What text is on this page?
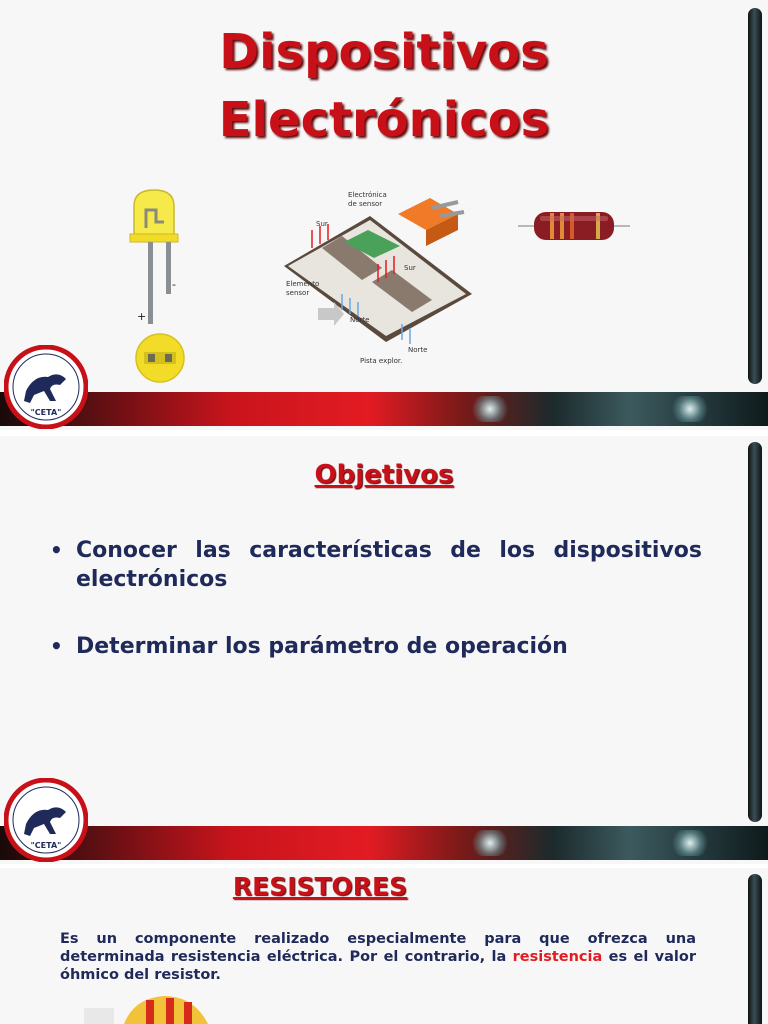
Dispositivos
Electrónicos
+
-
Electrónica
de sensor
Sur
Sur
Elemento
sensor
Norte
Norte
Pista explor.
"CETA"
Objetivos
• Conocer las características de los dispositivos electrónicos
• Determinar los parámetro de operación
"CETA"
RESISTORES

Es un componente realizado especialmente para que ofrezca una determinada resistencia eléctrica. Por el contrario, la resistencia es el valor óhmico del resistor.
